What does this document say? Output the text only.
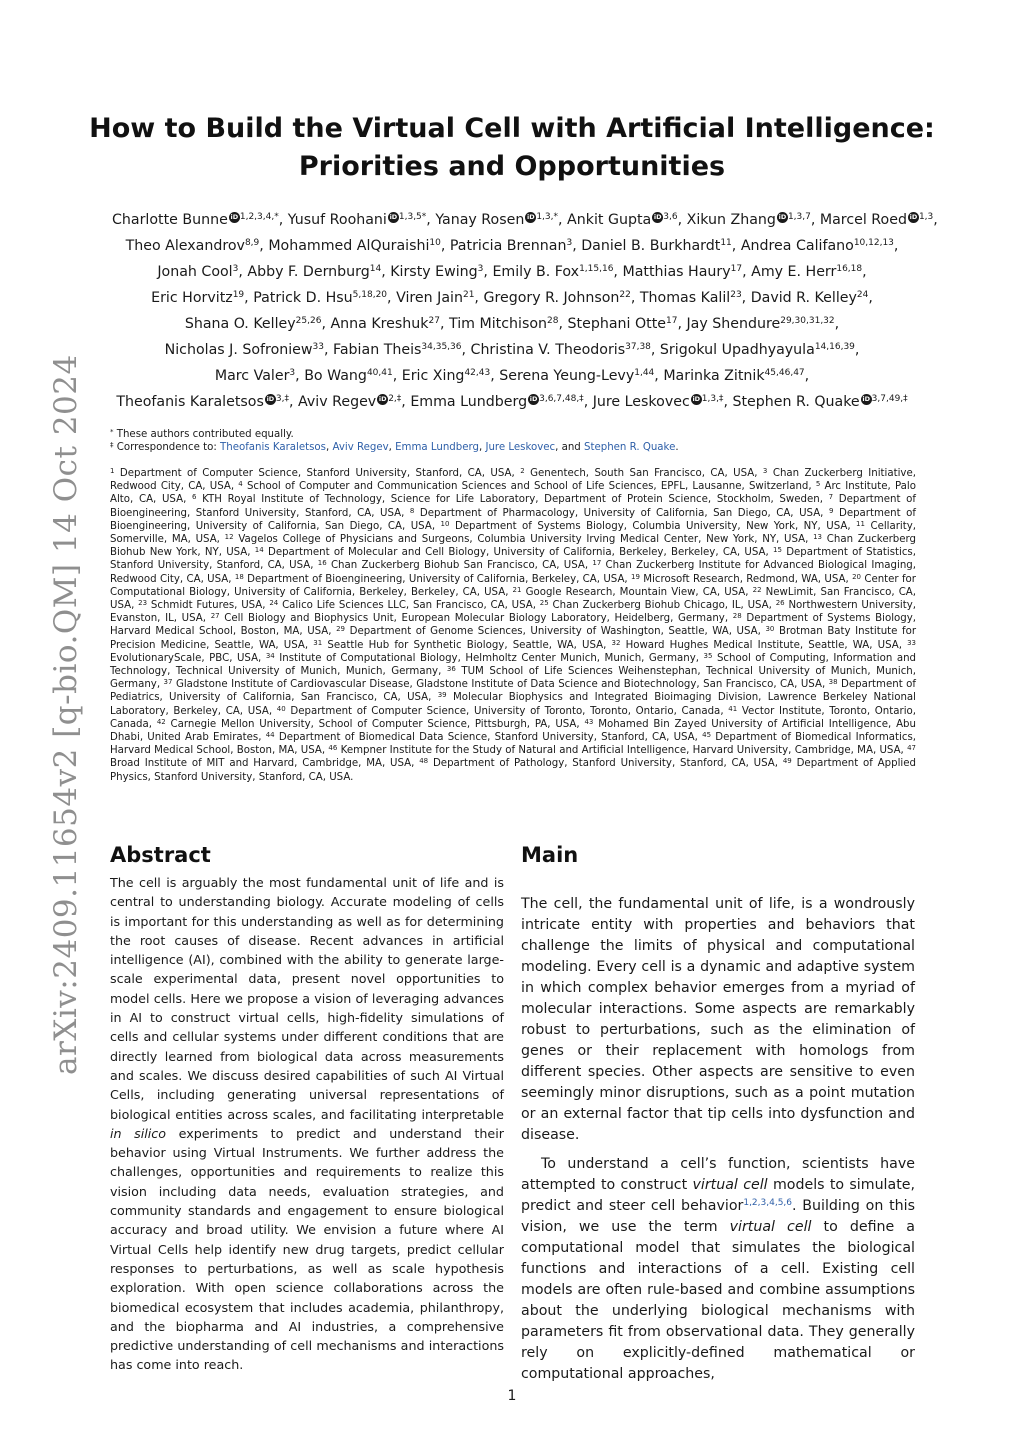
arXiv:2409.11654v2 [q-bio.QM] 14 Oct 2024
How to Build the Virtual Cell with Artificial Intelligence:
Priorities and Opportunities
Charlotte Bunne iD $^{1,2,3,4,*}$, Yusuf Roohani iD $^{1,3,5*}$, Yanay Rosen iD $^{1,3,*}$, Ankit Gupta iD $^{3,6}$, Xikun Zhang iD $^{1,3,7}$, Marcel Roed iD $^{1,3}$,
Theo Alexandrov$^{8,9}$, Mohammed AlQuraishi$^{10}$, Patricia Brennan$^3$, Daniel B. Burkhardt$^{11}$, Andrea Califano$^{10,12,13}$,
Jonah Cool$^3$, Abby F. Dernburg$^{14}$, Kirsty Ewing$^3$, Emily B. Fox$^{1,15,16}$, Matthias Haury$^{17}$, Amy E. Herr$^{16,18}$,
Eric Horvitz$^{19}$, Patrick D. Hsu$^{5,18,20}$, Viren Jain$^{21}$, Gregory R. Johnson$^{22}$, Thomas Kalil$^{23}$, David R. Kelley$^{24}$,
Shana O. Kelley$^{25,26}$, Anna Kreshuk$^{27}$, Tim Mitchison$^{28}$, Stephani Otte$^{17}$, Jay Shendure$^{29,30,31,32}$,
Nicholas J. Sofroniew$^{33}$, Fabian Theis$^{34,35,36}$, Christina V. Theodoris$^{37,38}$, Srigokul Upadhyayula$^{14,16,39}$,
Marc Valer$^3$, Bo Wang$^{40,41}$, Eric Xing$^{42,43}$, Serena Yeung-Levy$^{1,44}$, Marinka Zitnik$^{45,46,47}$,
Theofanis Karaletsos iD $^{3,\ddagger}$, Aviv Regev iD $^{2,\ddagger}$, Emma Lundberg iD $^{3,6,7,48,\ddagger}$, Jure Leskovec iD $^{1,3,\ddagger}$, Stephen R. Quake iD $^{3,7,49,\ddagger}$
* These authors contributed equally.
‡ Correspondence to: Theofanis Karaletsos, Aviv Regev, Emma Lundberg, Jure Leskovec, and Stephen R. Quake.
$^1$ Department of Computer Science, Stanford University, Stanford, CA, USA, $^2$ Genentech, South San Francisco, CA, USA, $^3$ Chan Zuckerberg Initiative, Redwood City, CA, USA, $^4$ School of Computer and Communication Sciences and School of Life Sciences, EPFL, Lausanne, Switzerland, $^5$ Arc Institute, Palo Alto, CA, USA, $^6$ KTH Royal Institute of Technology, Science for Life Laboratory, Department of Protein Science, Stockholm, Sweden, $^7$ Department of Bioengineering, Stanford University, Stanford, CA, USA, $^8$ Department of Pharmacology, University of California, San Diego, CA, USA, $^9$ Department of Bioengineering, University of California, San Diego, CA, USA, $^{10}$ Department of Systems Biology, Columbia University, New York, NY, USA, $^{11}$ Cellarity, Somerville, MA, USA, $^{12}$ Vagelos College of Physicians and Surgeons, Columbia University Irving Medical Center, New York, NY, USA, $^{13}$ Chan Zuckerberg Biohub New York, NY, USA, $^{14}$ Department of Molecular and Cell Biology, University of California, Berkeley, Berkeley, CA, USA, $^{15}$ Department of Statistics, Stanford University, Stanford, CA, USA, $^{16}$ Chan Zuckerberg Biohub San Francisco, CA, USA, $^{17}$ Chan Zuckerberg Institute for Advanced Biological Imaging, Redwood City, CA, USA, $^{18}$ Department of Bioengineering, University of California, Berkeley, CA, USA, $^{19}$ Microsoft Research, Redmond, WA, USA, $^{20}$ Center for Computational Biology, University of California, Berkeley, Berkeley, CA, USA, $^{21}$ Google Research, Mountain View, CA, USA, $^{22}$ NewLimit, San Francisco, CA, USA, $^{23}$ Schmidt Futures, USA, $^{24}$ Calico Life Sciences LLC, San Francisco, CA, USA, $^{25}$ Chan Zuckerberg Biohub Chicago, IL, USA, $^{26}$ Northwestern University, Evanston, IL, USA, $^{27}$ Cell Biology and Biophysics Unit, European Molecular Biology Laboratory, Heidelberg, Germany, $^{28}$ Department of Systems Biology, Harvard Medical School, Boston, MA, USA, $^{29}$ Department of Genome Sciences, University of Washington, Seattle, WA, USA, $^{30}$ Brotman Baty Institute for Precision Medicine, Seattle, WA, USA, $^{31}$ Seattle Hub for Synthetic Biology, Seattle, WA, USA, $^{32}$ Howard Hughes Medical Institute, Seattle, WA, USA, $^{33}$ EvolutionaryScale, PBC, USA, $^{34}$ Institute of Computational Biology, Helmholtz Center Munich, Munich, Germany, $^{35}$ School of Computing, Information and Technology, Technical University of Munich, Munich, Germany, $^{36}$ TUM School of Life Sciences Weihenstephan, Technical University of Munich, Munich, Germany, $^{37}$ Gladstone Institute of Cardiovascular Disease, Gladstone Institute of Data Science and Biotechnology, San Francisco, CA, USA, $^{38}$ Department of Pediatrics, University of California, San Francisco, CA, USA, $^{39}$ Molecular Biophysics and Integrated Bioimaging Division, Lawrence Berkeley National Laboratory, Berkeley, CA, USA, $^{40}$ Department of Computer Science, University of Toronto, Toronto, Ontario, Canada, $^{41}$ Vector Institute, Toronto, Ontario, Canada, $^{42}$ Carnegie Mellon University, School of Computer Science, Pittsburgh, PA, USA, $^{43}$ Mohamed Bin Zayed University of Artificial Intelligence, Abu Dhabi, United Arab Emirates, $^{44}$ Department of Biomedical Data Science, Stanford University, Stanford, CA, USA, $^{45}$ Department of Biomedical Informatics, Harvard Medical School, Boston, MA, USA, $^{46}$ Kempner Institute for the Study of Natural and Artificial Intelligence, Harvard University, Cambridge, MA, USA, $^{47}$ Broad Institute of MIT and Harvard, Cambridge, MA, USA, $^{48}$ Department of Pathology, Stanford University, Stanford, CA, USA, $^{49}$ Department of Applied Physics, Stanford University, Stanford, CA, USA.
Abstract
The cell is arguably the most fundamental unit of life and is central to understanding biology. Accurate modeling of cells is important for this understanding as well as for determining the root causes of disease. Recent advances in artificial intelligence (AI), combined with the ability to generate large-scale experimental data, present novel opportunities to model cells. Here we propose a vision of leveraging advances in AI to construct virtual cells, high-fidelity simulations of cells and cellular systems under different conditions that are directly learned from biological data across measurements and scales. We discuss desired capabilities of such AI Virtual Cells, including generating universal representations of biological entities across scales, and facilitating interpretable in silico experiments to predict and understand their behavior using Virtual Instruments. We further address the challenges, opportunities and requirements to realize this vision including data needs, evaluation strategies, and community standards and engagement to ensure biological accuracy and broad utility. We envision a future where AI Virtual Cells help identify new drug targets, predict cellular responses to perturbations, as well as scale hypothesis exploration. With open science collaborations across the biomedical ecosystem that includes academia, philanthropy, and the biopharma and AI industries, a comprehensive predictive understanding of cell mechanisms and interactions has come into reach.
Main

The cell, the fundamental unit of life, is a wondrously intricate entity with properties and behaviors that challenge the limits of physical and computational modeling. Every cell is a dynamic and adaptive system in which complex behavior emerges from a myriad of molecular interactions. Some aspects are remarkably robust to perturbations, such as the elimination of genes or their replacement with homologs from different species. Other aspects are sensitive to even seemingly minor disruptions, such as a point mutation or an external factor that tip cells into dysfunction and disease.

To understand a cell’s function, scientists have attempted to construct virtual cell models to simulate, predict and steer cell behavior$^{1,2,3,4,5,6}$. Building on this vision, we use the term virtual cell to define a computational model that simulates the biological functions and interactions of a cell. Existing cell models are often rule-based and combine assumptions about the underlying biological mechanisms with parameters fit from observational data. They generally rely on explicitly-defined mathematical or computational approaches,

1
